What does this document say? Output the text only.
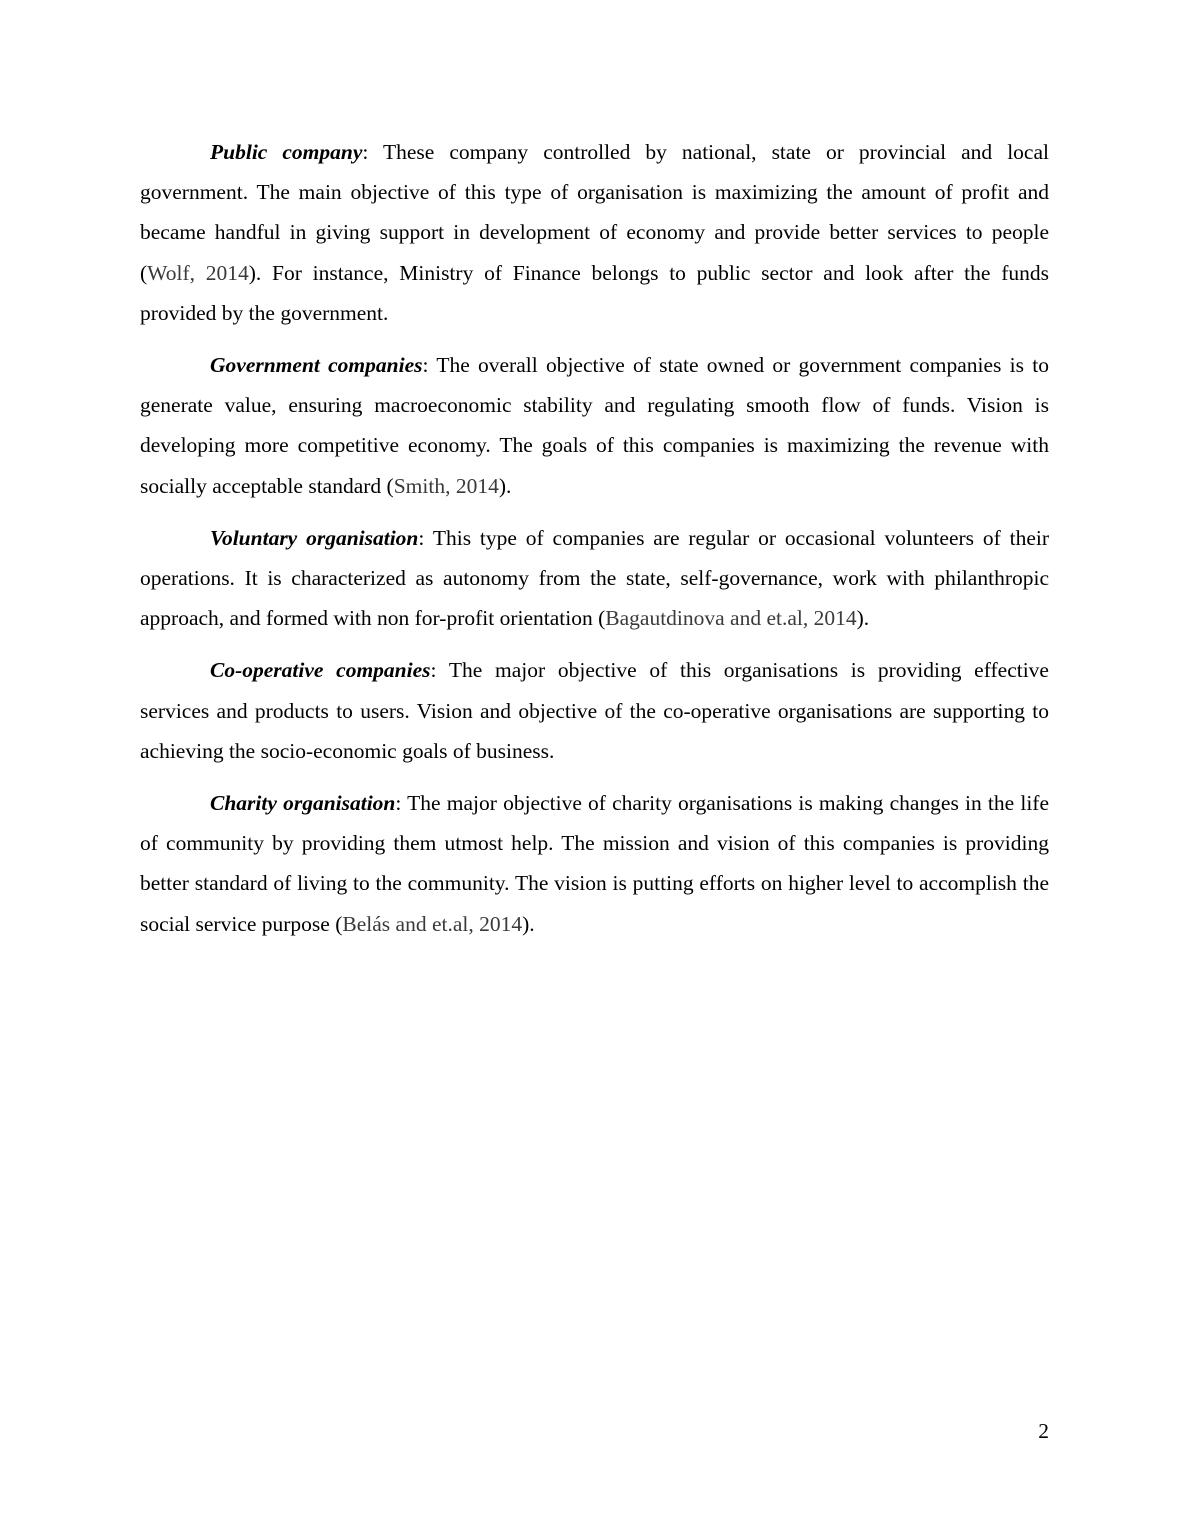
Public company: These company controlled by national, state or provincial and local government. The main objective of this type of organisation is maximizing the amount of profit and became handful in giving support in development of economy and provide better services to people (Wolf, 2014). For instance, Ministry of Finance belongs to public sector and look after the funds provided by the government.

Government companies: The overall objective of state owned or government companies is to generate value, ensuring macroeconomic stability and regulating smooth flow of funds. Vision is developing more competitive economy. The goals of this companies is maximizing the revenue with socially acceptable standard (Smith, 2014).

Voluntary organisation: This type of companies are regular or occasional volunteers of their operations. It is characterized as autonomy from the state, self-governance, work with philanthropic approach, and formed with non for-profit orientation (Bagautdinova and et.al, 2014).

Co-operative companies: The major objective of this organisations is providing effective services and products to users. Vision and objective of the co-operative organisations are supporting to achieving the socio-economic goals of business.

Charity organisation: The major objective of charity organisations is making changes in the life of community by providing them utmost help. The mission and vision of this companies is providing better standard of living to the community. The vision is putting efforts on higher level to accomplish the social service purpose (Belás and et.al, 2014).

2
